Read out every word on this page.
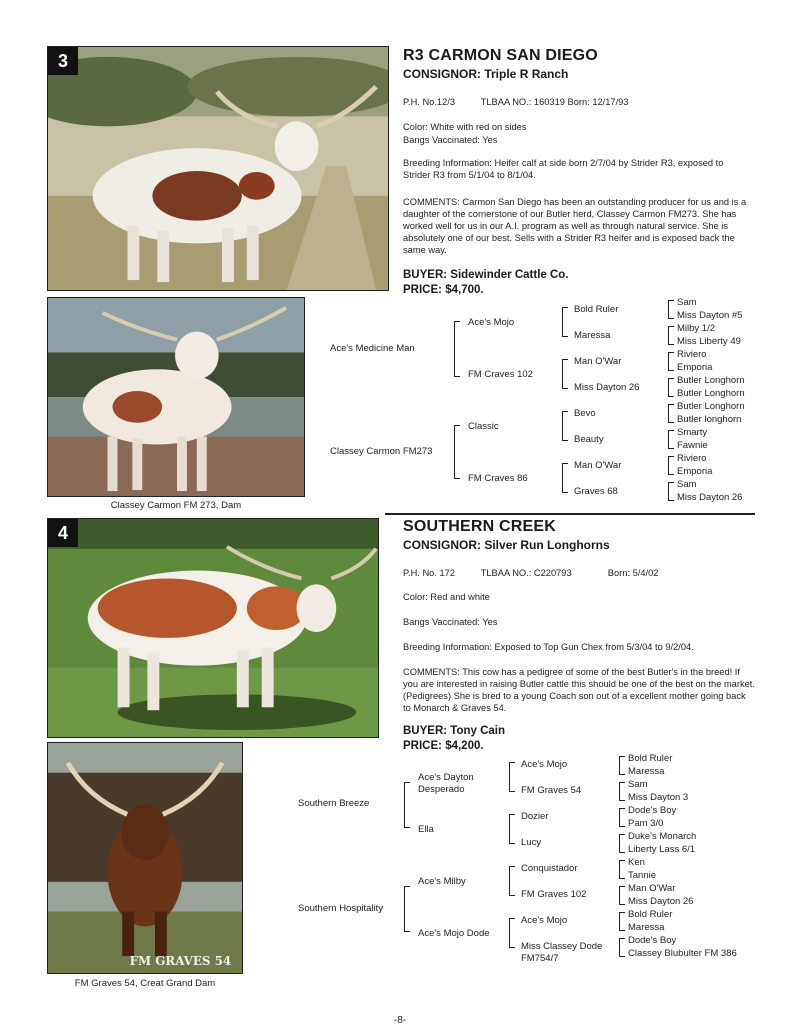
3
Classey Carmon FM 273, Dam
R3 CARMON SAN DIEGO
CONSIGNOR: Triple R Ranch
P.H. No.12/3          TLBAA NO.: 160319 Born: 12/17/93
Color: White with red on sides
Bangs Vaccinated: Yes
Breeding Information: Heifer calf at side born 2/7/04 by Strider R3, exposed to Strider R3 from 5/1/04 to 8/1/04.
COMMENTS: Carmon San Diego has been an outstanding producer for us and is a daughter of the cornerstone of our Butler herd, Classey Carmon FM273. She has worked well for us in our A.I. program as well as through natural service. She is absolutely one of our best. Sells with a Strider R3 heifer and is exposed back the same way.
BUYER: Sidewinder Cattle Co.
PRICE: $4,700.
Ace's Medicine Man
Classey Carmon FM273
Ace's Mojo
FM Craves 102
Classic
FM Craves 86
Bold Ruler
Maressa
Man O'War
Miss Dayton 26
Bevo
Beauty
Man O'War
Graves 68
Sam
Miss Dayton #5
Milby 1/2
Miss Liberty 49
Riviero
Emporia
Butler Longhorn
Butler Longhorn
Butler Longhorn
Butler longhorn
Smarty
Fawnie
Riviero
Emporia
Sam
Miss Dayton 26
4
FM GRAVES 54
FM Graves 54, Creat Grand Dam
SOUTHERN CREEK
CONSIGNOR: Silver Run Longhorns
P.H. No. 172          TLBAA NO.: C220793              Born: 5/4/02
Color: Red and white
Bangs Vaccinated: Yes
Breeding Information: Exposed to Top Gun Chex from 5/3/04 to 9/2/04.
COMMENTS: This cow has a pedigree of some of the best Butler's in the breed! If you are interested in raising Butler cattle this should be one of the best on the market. (Pedigrees) She is bred to a young Coach son out of a excellent mother going back to Monarch & Graves 54.
BUYER: Tony Cain
PRICE: $4,200.
Southern Breeze
Southern Hospitality
Ace's Dayton Desperado
Ella
Ace's Milby
Ace's Mojo Dode
Ace's Mojo
FM Graves 54
Dozier
Lucy
Conquistador
FM Graves 102
Ace's Mojo
Miss Classey Dode FM754/7
Bold Ruler
Maressa
Sam
Miss Dayton 3
Dode's Boy
Pam 3/0
Duke's Monarch
Liberty Lass 6/1
Ken
Tannie
Man O'War
Miss Dayton 26
Bold Ruler
Maressa
Dode's Boy
Classey Blubulter FM 386
-8-
